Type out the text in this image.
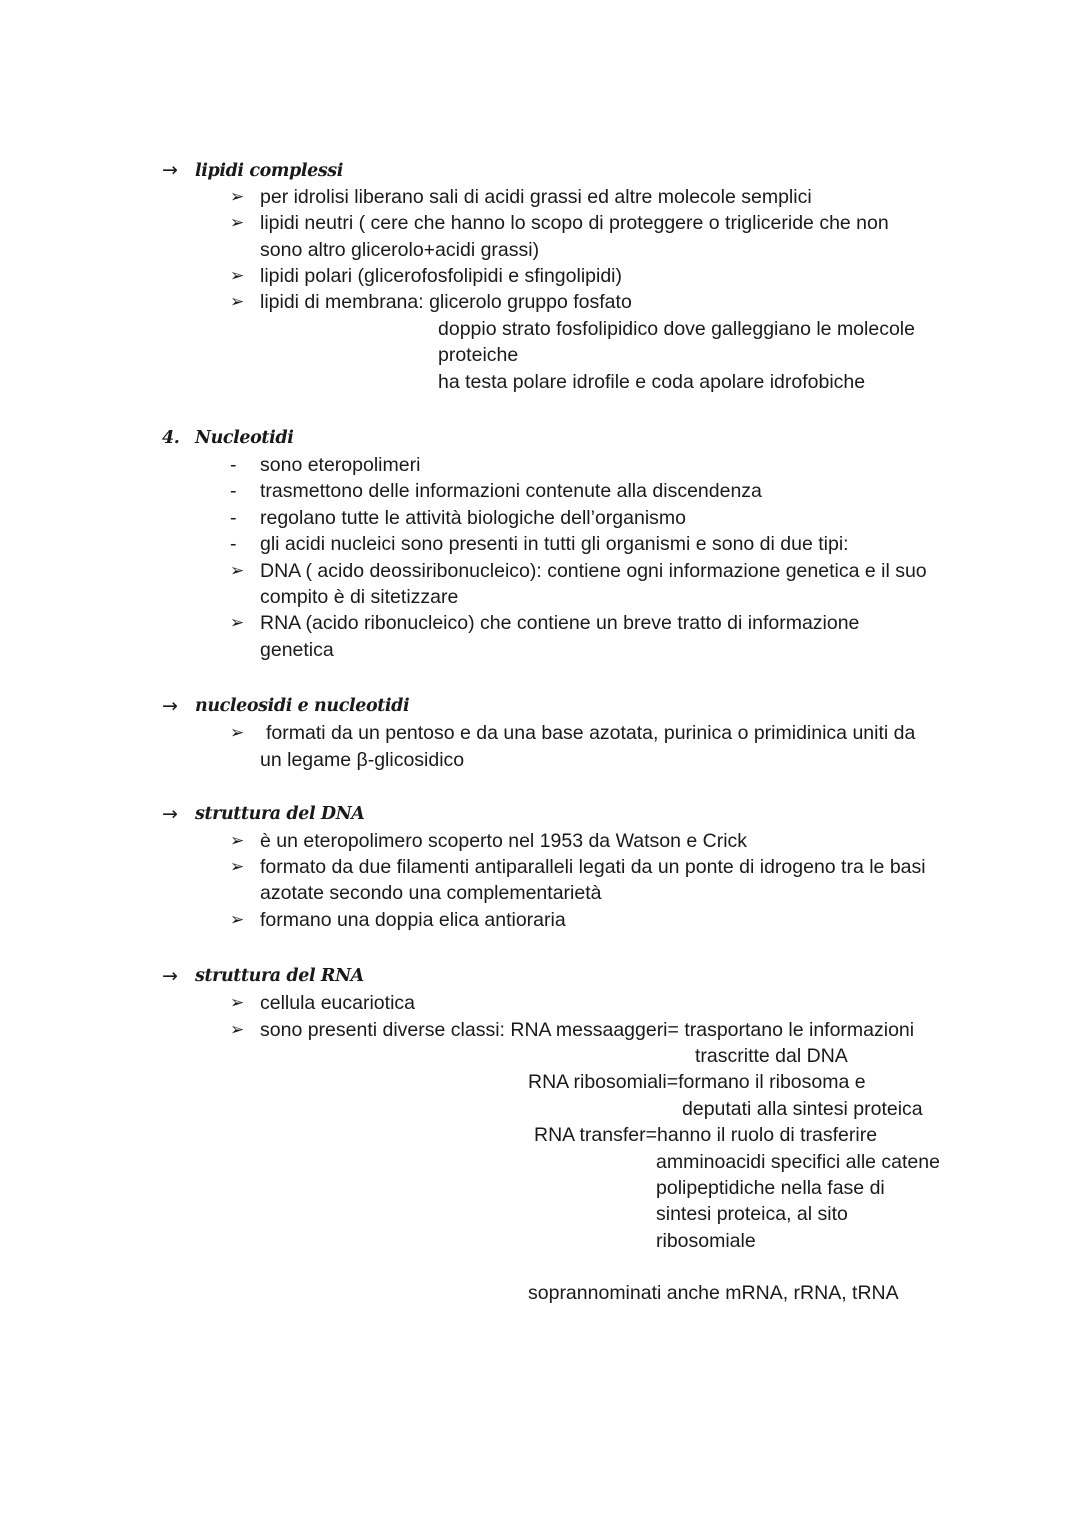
→ lipidi complessi
➢ per idrolisi liberano sali di acidi grassi ed altre molecole semplici
➢ lipidi neutri ( cere che hanno lo scopo di proteggere o trigliceride che non
sono altro glicerolo+acidi grassi)
➢ lipidi polari (glicerofosfolipidi e sfingolipidi)
➢ lipidi di membrana: glicerolo gruppo fosfato
doppio strato fosfolipidico dove galleggiano le molecole
proteiche
ha testa polare idrofile e coda apolare idrofobiche
4. Nucleotidi
- sono eteropolimeri
- trasmettono delle informazioni contenute alla discendenza
- regolano tutte le attività biologiche dell’organismo
- gli acidi nucleici sono presenti in tutti gli organismi e sono di due tipi:
➢ DNA ( acido deossiribonucleico): contiene ogni informazione genetica e il suo
compito è di sitetizzare
➢ RNA (acido ribonucleico) che contiene un breve tratto di informazione
genetica
→ nucleosidi e nucleotidi
➢ formati da un pentoso e da una base azotata, purinica o primidinica uniti da
un legame β-glicosidico
→ struttura del DNA
➢ è un eteropolimero scoperto nel 1953 da Watson e Crick
➢ formato da due filamenti antiparalleli legati da un ponte di idrogeno tra le basi
azotate secondo una complementarietà
➢ formano una doppia elica antioraria
→ struttura del RNA
➢ cellula eucariotica
➢ sono presenti diverse classi: RNA messaaggeri= trasportano le informazioni
trascritte dal DNA
RNA ribosomiali=formano il ribosoma e
deputati alla sintesi proteica
RNA transfer=hanno il ruolo di trasferire
amminoacidi specifici alle catene
polipeptidiche nella fase di
sintesi proteica, al sito
ribosomiale
soprannominati anche mRNA, rRNA, tRNA
